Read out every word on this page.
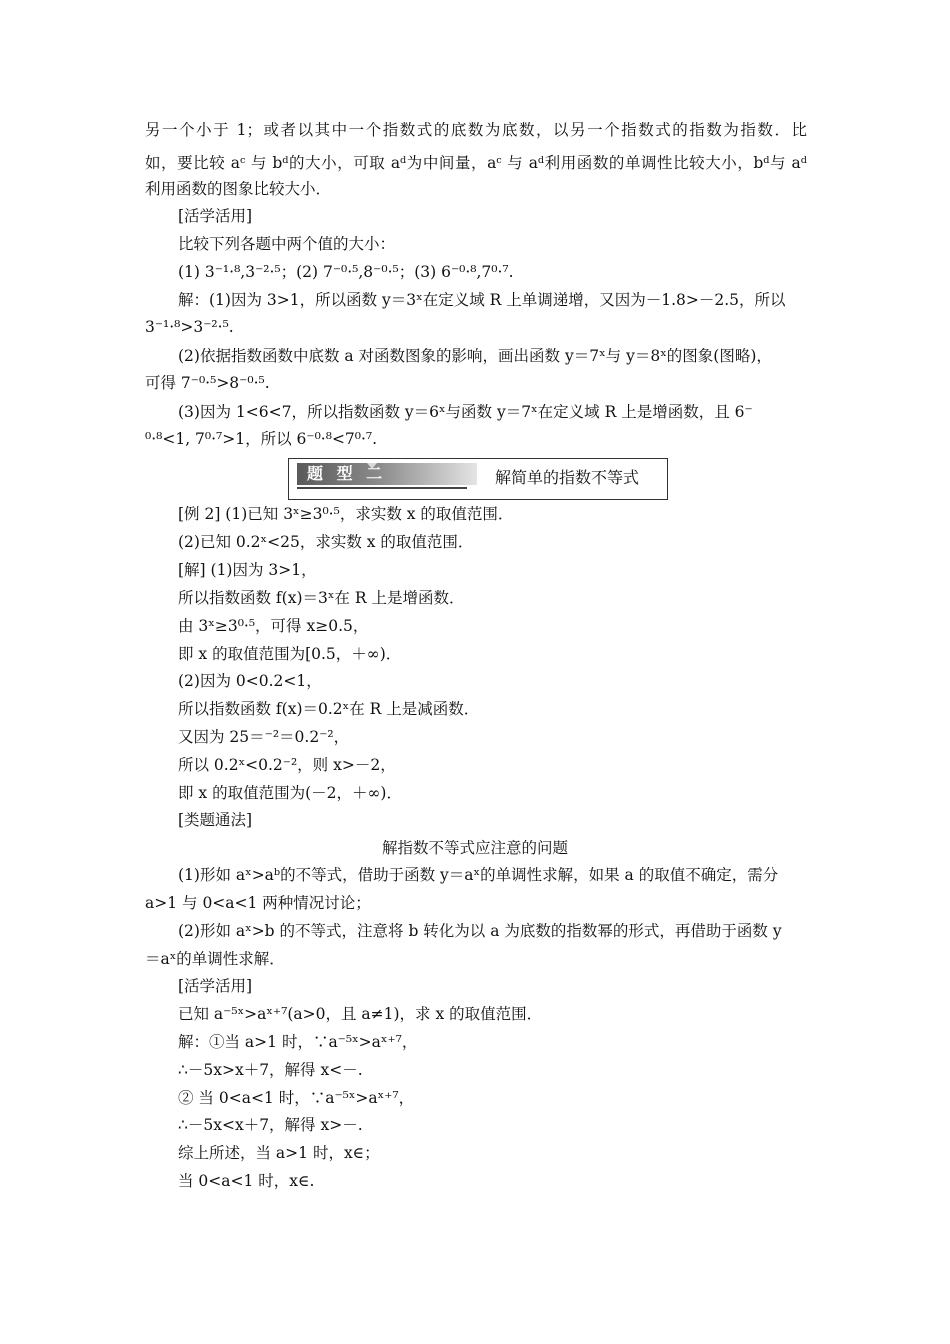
另一个小于 1；或者以其中一个指数式的底数为底数，以另一个指数式的指数为指数．比
如，要比较 aᶜ 与 bᵈ的大小，可取 aᵈ为中间量，aᶜ 与 aᵈ利用函数的单调性比较大小，bᵈ与 aᵈ
利用函数的图象比较大小．
[活学活用]
比较下列各题中两个值的大小：
(1) 3⁻¹·⁸,3⁻²·⁵；(2) 7⁻⁰·⁵,8⁻⁰·⁵；(3) 6⁻⁰·⁸,7⁰·⁷.
解：(1)因为 3>1，所以函数 y＝3ˣ在定义域 R 上单调递增，又因为－1.8>－2.5，所以
3⁻¹·⁸>3⁻²·⁵.
(2)依据指数函数中底数 a 对函数图象的影响，画出函数 y＝7ˣ与 y＝8ˣ的图象(图略)，
可得 7⁻⁰·⁵>8⁻⁰·⁵.
(3)因为 1<6<7，所以指数函数 y＝6ˣ与函数 y＝7ˣ在定义域 R 上是增函数，且 6⁻
⁰·⁸<1, 7⁰·⁷>1，所以 6⁻⁰·⁸<7⁰·⁷.
题 型 二	解简单的指数不等式
[例 2] (1)已知 3ˣ≥3⁰·⁵，求实数 x 的取值范围．
(2)已知 0.2ˣ<25，求实数 x 的取值范围．
[解] (1)因为 3>1，
所以指数函数 f(x)＝3ˣ在 R 上是增函数．
由 3ˣ≥3⁰·⁵，可得 x≥0.5，
即 x 的取值范围为[0.5，＋∞)．
(2)因为 0<0.2<1，
所以指数函数 f(x)＝0.2ˣ在 R 上是减函数．
又因为 25＝⁻²＝0.2⁻²，
所以 0.2ˣ<0.2⁻²，则 x>－2，
即 x 的取值范围为(－2，＋∞)．
[类题通法]
解指数不等式应注意的问题
(1)形如 aˣ>aᵇ的不等式，借助于函数 y＝aˣ的单调性求解，如果 a 的取值不确定，需分
a>1 与 0<a<1 两种情况讨论；
(2)形如 aˣ>b 的不等式，注意将 b 转化为以 a 为底数的指数幂的形式，再借助于函数 y
＝aˣ的单调性求解．
[活学活用]
已知 a⁻⁵ˣ>aˣ⁺⁷(a>0，且 a≠1)，求 x 的取值范围．
解：①当 a>1 时，∵a⁻⁵ˣ>aˣ⁺⁷，
∴－5x>x＋7，解得 x<－.
② 当 0<a<1 时，∵a⁻⁵ˣ>aˣ⁺⁷，
∴－5x<x＋7，解得 x>－.
综上所述，当 a>1 时，x∈；
当 0<a<1 时，x∈.
